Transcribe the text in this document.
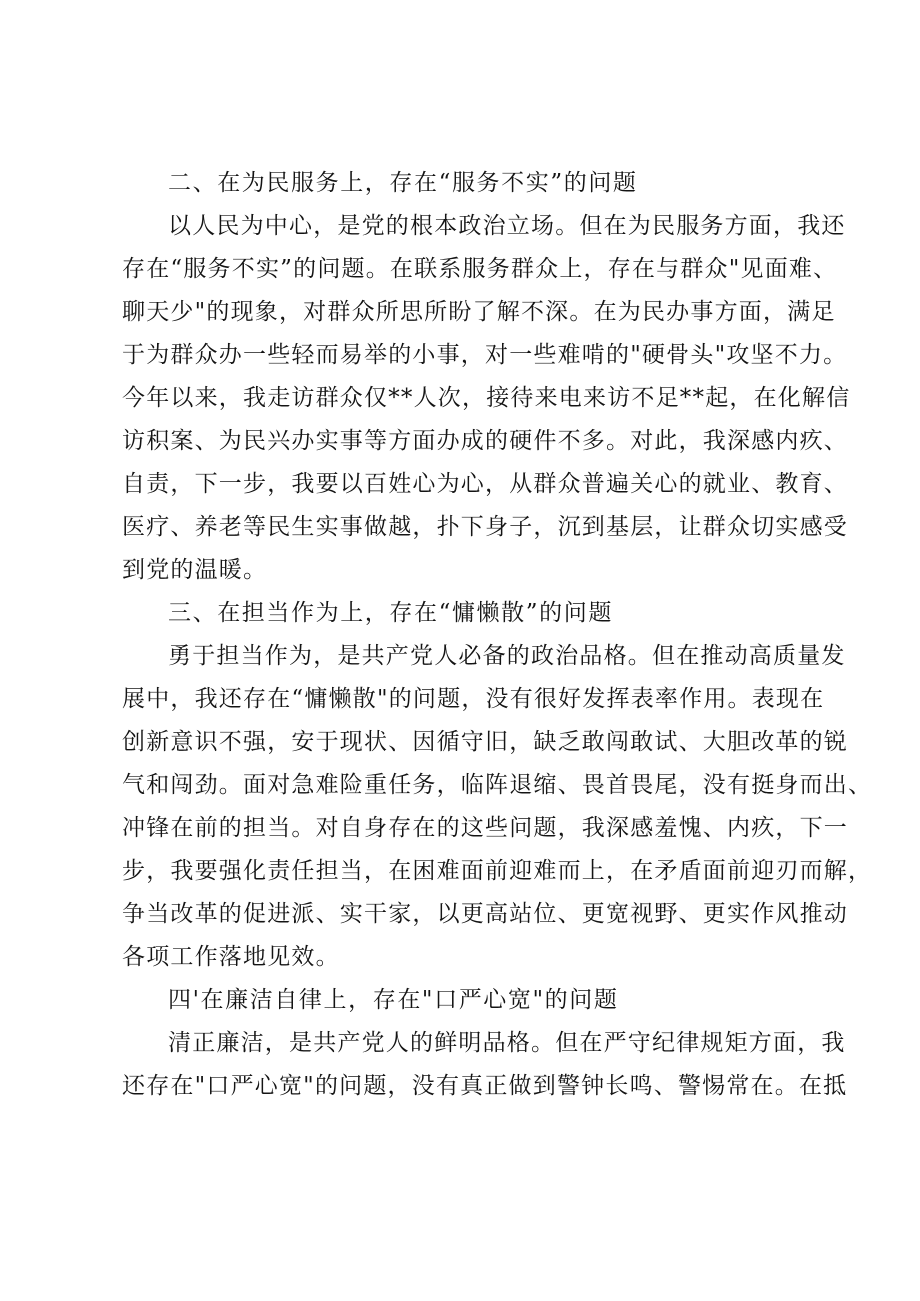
二、在为民服务上，存在“服务不实”的问题
以人民为中心，是党的根本政治立场。但在为民服务方面，我还
存在“服务不实”的问题。在联系服务群众上，存在与群众"见面难、
聊天少"的现象，对群众所思所盼了解不深。在为民办事方面，满足
于为群众办一些轻而易举的小事，对一些难啃的"硬骨头"攻坚不力。
今年以来，我走访群众仅**人次，接待来电来访不足**起，在化解信
访积案、为民兴办实事等方面办成的硬件不多。对此，我深感内疚、
自责，下一步，我要以百姓心为心，从群众普遍关心的就业、教育、
医疗、养老等民生实事做越，扑下身子，沉到基层，让群众切实感受
到党的温暖。
三、在担当作为上，存在“慵懒散”的问题
勇于担当作为，是共产党人必备的政治品格。但在推动高质量发
展中，我还存在“慵懒散"的问题，没有很好发挥表率作用。表现在
创新意识不强，安于现状、因循守旧，缺乏敢闯敢试、大胆改革的锐
气和闯劲。面对急难险重任务，临阵退缩、畏首畏尾，没有挺身而出、
冲锋在前的担当。对自身存在的这些问题，我深感羞愧、内疚，下一
步，我要强化责任担当，在困难面前迎难而上，在矛盾面前迎刃而解，
争当改革的促进派、实干家，以更高站位、更宽视野、更实作风推动
各项工作落地见效。
四'在廉洁自律上，存在"口严心宽"的问题
清正廉洁，是共产党人的鲜明品格。但在严守纪律规矩方面，我
还存在"口严心宽"的问题，没有真正做到警钟长鸣、警惕常在。在抵
